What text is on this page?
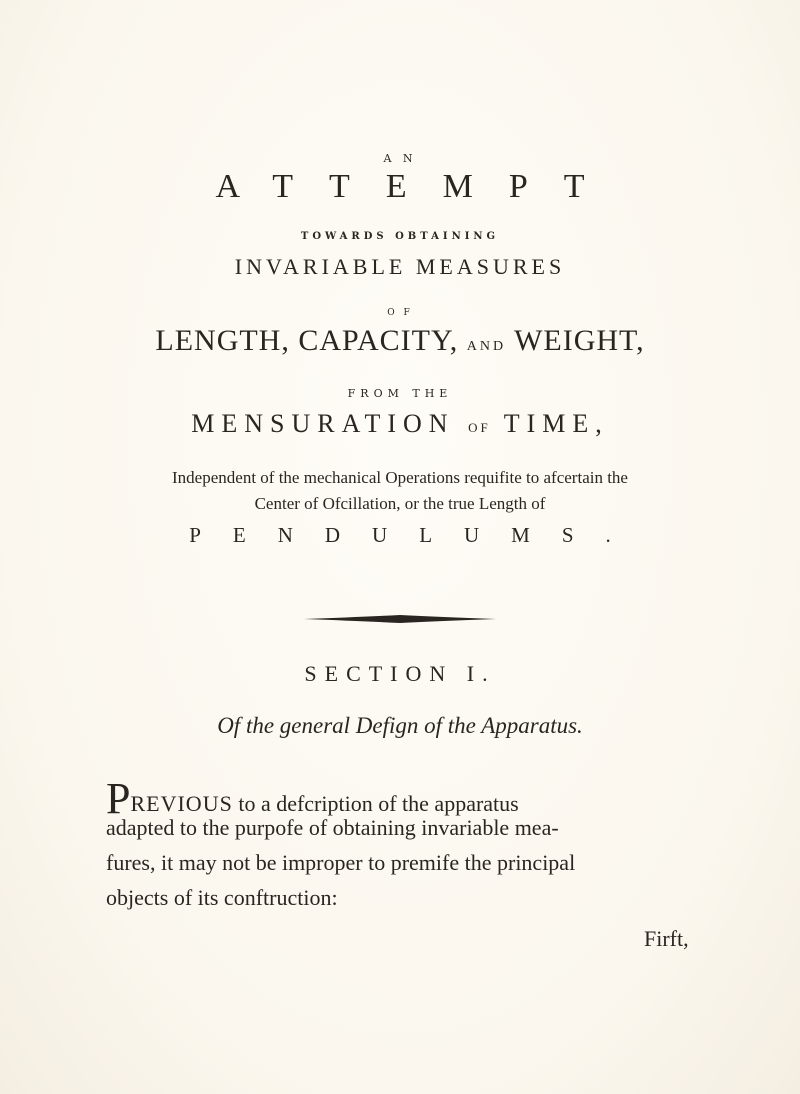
A N
ATTEMPT
TOWARDS OBTAINING
INVARIABLE MEASURES
O F
LENGTH, CAPACITY, AND WEIGHT,
FROM THE
MENSURATION OF TIME,
Independent of the mechanical Operations requifite to afcertain the
Center of Ofcillation, or the true Length of
PENDULUMS.
SECTION I.
Of the general Defign of the Apparatus.
PREVIOUS to a defcription of the apparatus
adapted to the purpofe of obtaining invariable mea-
fures, it may not be improper to premife the principal
objects of its conftruction:
Firft,
